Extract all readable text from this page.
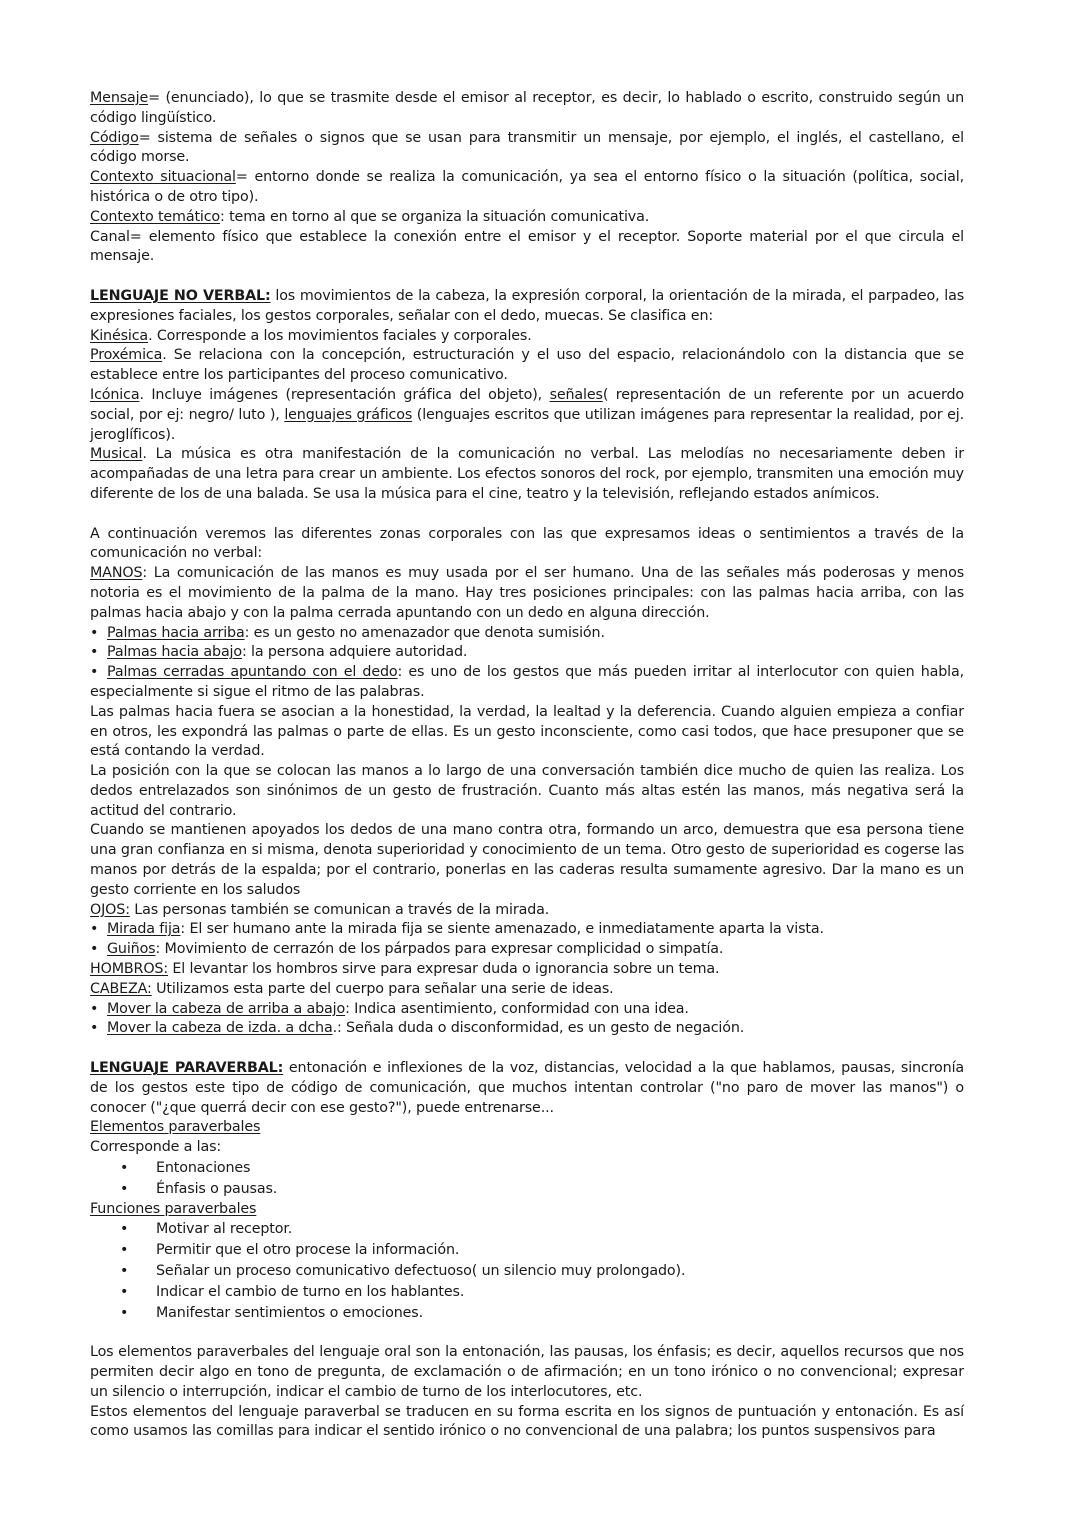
Mensaje= (enunciado), lo que se trasmite desde el emisor al receptor, es decir, lo hablado o escrito, construido según un código lingüístico.

Código= sistema de señales o signos que se usan para transmitir un mensaje, por ejemplo, el inglés, el castellano, el código morse.

Contexto situacional= entorno donde se realiza la comunicación, ya sea el entorno físico o la situación (política, social, histórica o de otro tipo).

Contexto temático: tema en torno al que se organiza la situación comunicativa.

Canal= elemento físico que establece la conexión entre el emisor y el receptor. Soporte material por el que circula el mensaje.

LENGUAJE NO VERBAL: los movimientos de la cabeza, la expresión corporal, la orientación de la mirada, el parpadeo, las expresiones faciales, los gestos corporales, señalar con el dedo, muecas. Se clasifica en:

Kinésica. Corresponde a los movimientos faciales y corporales.

Proxémica. Se relaciona con la concepción, estructuración y el uso del espacio, relacionándolo con la distancia que se establece entre los participantes del proceso comunicativo.

Icónica. Incluye imágenes (representación gráfica del objeto), señales( representación de un referente por un acuerdo social, por ej: negro/ luto ), lenguajes gráficos (lenguajes escritos que utilizan imágenes para representar la realidad, por ej. jeroglíficos).

Musical. La música es otra manifestación de la comunicación no verbal. Las melodías no necesariamente deben ir acompañadas de una letra para crear un ambiente. Los efectos sonoros del rock, por ejemplo, transmiten una emoción muy diferente de los de una balada. Se usa la música para el cine, teatro y la televisión, reflejando estados anímicos.

A continuación veremos las diferentes zonas corporales con las que expresamos ideas o sentimientos a través de la comunicación no verbal:

MANOS: La comunicación de las manos es muy usada por el ser humano. Una de las señales más poderosas y menos notoria es el movimiento de la palma de la mano. Hay tres posiciones principales: con las palmas hacia arriba, con las palmas hacia abajo y con la palma cerrada apuntando con un dedo en alguna dirección.

• Palmas hacia arriba: es un gesto no amenazador que denota sumisión.

• Palmas hacia abajo: la persona adquiere autoridad.

• Palmas cerradas apuntando con el dedo: es uno de los gestos que más pueden irritar al interlocutor con quien habla, especialmente si sigue el ritmo de las palabras.

Las palmas hacia fuera se asocian a la honestidad, la verdad, la lealtad y la deferencia. Cuando alguien empieza a confiar en otros, les expondrá las palmas o parte de ellas. Es un gesto inconsciente, como casi todos, que hace presuponer que se está contando la verdad.

La posición con la que se colocan las manos a lo largo de una conversación también dice mucho de quien las realiza. Los dedos entrelazados son sinónimos de un gesto de frustración. Cuanto más altas estén las manos, más negativa será la actitud del contrario.

Cuando se mantienen apoyados los dedos de una mano contra otra, formando un arco, demuestra que esa persona tiene una gran confianza en si misma, denota superioridad y conocimiento de un tema. Otro gesto de superioridad es cogerse las manos por detrás de la espalda; por el contrario, ponerlas en las caderas resulta sumamente agresivo. Dar la mano es un gesto corriente en los saludos

OJOS: Las personas también se comunican a través de la mirada.

• Mirada fija: El ser humano ante la mirada fija se siente amenazado, e inmediatamente aparta la vista.

• Guiños: Movimiento de cerrazón de los párpados para expresar complicidad o simpatía.

HOMBROS: El levantar los hombros sirve para expresar duda o ignorancia sobre un tema.

CABEZA: Utilizamos esta parte del cuerpo para señalar una serie de ideas.

• Mover la cabeza de arriba a abajo: Indica asentimiento, conformidad con una idea.

• Mover la cabeza de izda. a dcha.: Señala duda o disconformidad, es un gesto de negación.

LENGUAJE PARAVERBAL: entonación e inflexiones de la voz, distancias, velocidad a la que hablamos, pausas, sincronía de los gestos este tipo de código de comunicación, que muchos intentan controlar ("no paro de mover las manos") o conocer ("¿que querrá decir con ese gesto?"), puede entrenarse...

Elementos paraverbales

Corresponde a las:

•	Entonaciones
•	Énfasis o pausas.

Funciones paraverbales

•	Motivar al receptor.
•	Permitir que el otro procese la información.
•	Señalar un proceso comunicativo defectuoso( un silencio muy prolongado).
•	Indicar el cambio de turno en los hablantes.
•	Manifestar sentimientos o emociones.

Los elementos paraverbales del lenguaje oral son la entonación, las pausas, los énfasis; es decir, aquellos recursos que nos permiten decir algo en tono de pregunta, de exclamación o de afirmación; en un tono irónico o no convencional; expresar un silencio o interrupción, indicar el cambio de turno de los interlocutores, etc.

Estos elementos del lenguaje paraverbal se traducen en su forma escrita en los signos de puntuación y entonación. Es así como usamos las comillas para indicar el sentido irónico o no convencional de una palabra; los puntos suspensivos para
